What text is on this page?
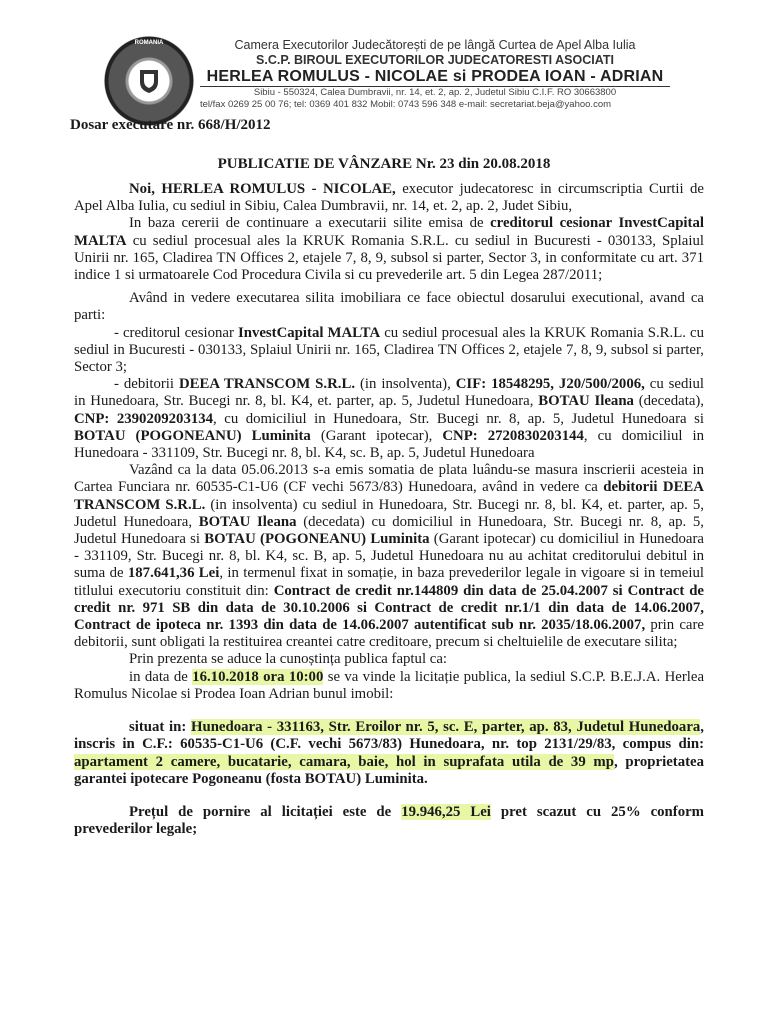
ROMANIA	Camera Executorilor Judecătorești de pe lângă Curtea de Apel Alba Iulia
S.C.P. BIROUL EXECUTORILOR JUDECATORESTI ASOCIATI
HERLEA ROMULUS - NICOLAE si PRODEA IOAN - ADRIAN
Sibiu - 550324, Calea Dumbravii, nr. 14, et. 2, ap. 2, Judetul Sibiu C.I.F. RO 30663800
tel/fax 0269 25 00 76; tel: 0369 401 832 Mobil: 0743 596 348 e-mail: secretariat.beja@yahoo.com
Dosar executare nr. 668/H/2012
PUBLICATIE DE VÂNZARE Nr. 23 din 20.08.2018

Noi, HERLEA ROMULUS - NICOLAE, executor judecatoresc in circumscriptia Curtii de Apel Alba Iulia, cu sediul in Sibiu, Calea Dumbravii, nr. 14, et. 2, ap. 2, Judet Sibiu,

In baza cererii de continuare a executarii silite emisa de creditorul cesionar InvestCapital MALTA cu sediul procesual ales la KRUK Romania S.R.L. cu sediul in Bucuresti - 030133, Splaiul Unirii nr. 165, Cladirea TN Offices 2, etajele 7, 8, 9, subsol si parter, Sector 3, in conformitate cu art. 371 indice 1 si urmatoarele Cod Procedura Civila si cu prevederile art. 5 din Legea 287/2011;

Având in vedere executarea silita imobiliara ce face obiectul dosarului executional, avand ca parti:

- creditorul cesionar InvestCapital MALTA cu sediul procesual ales la KRUK Romania S.R.L. cu sediul in Bucuresti - 030133, Splaiul Unirii nr. 165, Cladirea TN Offices 2, etajele 7, 8, 9, subsol si parter, Sector 3;

- debitorii DEEA TRANSCOM S.R.L. (in insolventa), CIF: 18548295, J20/500/2006, cu sediul in Hunedoara, Str. Bucegi nr. 8, bl. K4, et. parter, ap. 5, Judetul Hunedoara, BOTAU Ileana (decedata), CNP: 2390209203134, cu domiciliul in Hunedoara, Str. Bucegi nr. 8, ap. 5, Judetul Hunedoara si BOTAU (POGONEANU) Luminita (Garant ipotecar), CNP: 2720830203144, cu domiciliul in Hunedoara - 331109, Str. Bucegi nr. 8, bl. K4, sc. B, ap. 5, Judetul Hunedoara

Vazând ca la data 05.06.2013 s-a emis somatia de plata luându-se masura inscrierii acesteia in Cartea Funciara nr. 60535-C1-U6 (CF vechi 5673/83) Hunedoara, având in vedere ca debitorii DEEA TRANSCOM S.R.L. (in insolventa) cu sediul in Hunedoara, Str. Bucegi nr. 8, bl. K4, et. parter, ap. 5, Judetul Hunedoara, BOTAU Ileana (decedata) cu domiciliul in Hunedoara, Str. Bucegi nr. 8, ap. 5, Judetul Hunedoara si BOTAU (POGONEANU) Luminita (Garant ipotecar) cu domiciliul in Hunedoara - 331109, Str. Bucegi nr. 8, bl. K4, sc. B, ap. 5, Judetul Hunedoara nu au achitat creditorului debitul in suma de 187.641,36 Lei, in termenul fixat in somație, in baza prevederilor legale in vigoare si in temeiul titlului executoriu constituit din: Contract de credit nr.144809 din data de 25.04.2007 si Contract de credit nr. 971 SB din data de 30.10.2006 si Contract de credit nr.1/1 din data de 14.06.2007, Contract de ipoteca nr. 1393 din data de 14.06.2007 autentificat sub nr. 2035/18.06.2007, prin care debitorii, sunt obligati la restituirea creantei catre creditoare, precum si cheltuielile de executare silita;

Prin prezenta se aduce la cunoștința publica faptul ca:

in data de 16.10.2018 ora 10:00 se va vinde la licitație publica, la sediul S.C.P. B.E.J.A. Herlea Romulus Nicolae si Prodea Ioan Adrian bunul imobil:

situat in: Hunedoara - 331163, Str. Eroilor nr. 5, sc. E, parter, ap. 83, Judetul Hunedoara, inscris in C.F.: 60535-C1-U6 (C.F. vechi 5673/83) Hunedoara, nr. top 2131/29/83, compus din: apartament 2 camere, bucatarie, camara, baie, hol in suprafata utila de 39 mp, proprietatea garantei ipotecare Pogoneanu (fosta BOTAU) Luminita.

Prețul de pornire al licitației este de 19.946,25 Lei pret scazut cu 25% conform prevederilor legale;
